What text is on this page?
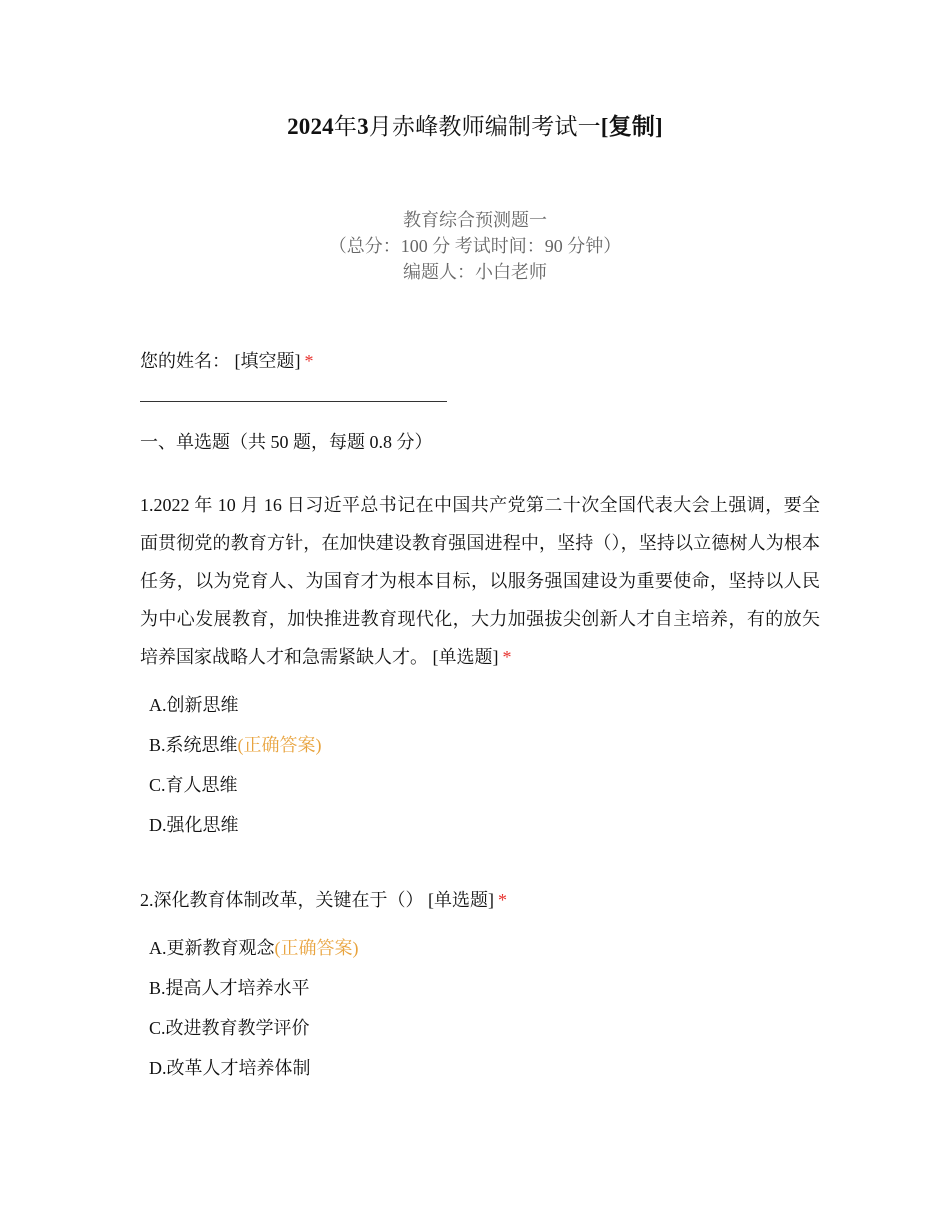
2024年3月赤峰教师编制考试一[复制]
教育综合预测题一
（总分：100 分 考试时间：90 分钟）
编题人：小白老师
您的姓名： [填空题] *
一、单选题（共 50 题，每题 0.8 分）
1.2022 年 10 月 16 日习近平总书记在中国共产党第二十次全国代表大会上强调，要全面贯彻党的教育方针，在加快建设教育强国进程中，坚持（），坚持以立德树人为根本任务，以为党育人、为国育才为根本目标，以服务强国建设为重要使命，坚持以人民为中心发展教育，加快推进教育现代化，大力加强拔尖创新人才自主培养，有的放矢培养国家战略人才和急需紧缺人才。 [单选题] *
A.创新思维
B.系统思维(正确答案)
C.育人思维
D.强化思维
2.深化教育体制改革，关键在于（） [单选题] *
A.更新教育观念(正确答案)
B.提高人才培养水平
C.改进教育教学评价
D.改革人才培养体制
